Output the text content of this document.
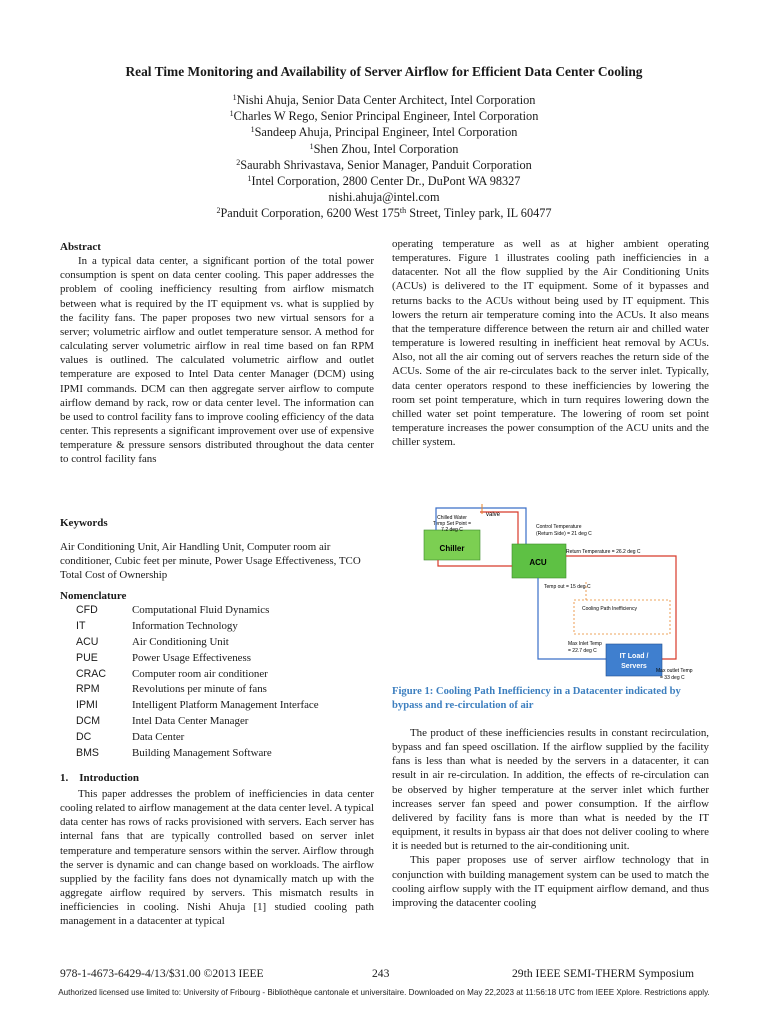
Real Time Monitoring and Availability of Server Airflow for Efficient Data Center Cooling
$^1$Nishi Ahuja, Senior Data Center Architect, Intel Corporation
$^1$Charles W Rego, Senior Principal Engineer, Intel Corporation
$^1$Sandeep Ahuja, Principal Engineer, Intel Corporation
$^1$Shen Zhou, Intel Corporation
$^2$Saurabh Shrivastava, Senior Manager, Panduit Corporation
$^1$Intel Corporation, 2800 Center Dr., DuPont WA 98327
nishi.ahuja@intel.com
$^2$Panduit Corporation, 6200 West 175th Street, Tinley park, IL 60477

Abstract

In a typical data center, a significant portion of the total power consumption is spent on data center cooling. This paper addresses the problem of cooling inefficiency resulting from airflow mismatch between what is required by the IT equipment vs. what is supplied by the facility fans. The paper proposes two new virtual sensors for a server; volumetric airflow and outlet temperature sensor. A method for calculating server volumetric airflow in real time based on fan RPM values is outlined. The calculated volumetric airflow and outlet temperature are exposed to Intel Data center Manager (DCM) using IPMI commands. DCM can then aggregate server airflow to compute airflow demand by rack, row or data center level. The information can be used to control facility fans to improve cooling efficiency of the data center. This represents a significant improvement over use of expensive temperature & pressure sensors distributed throughout the data center to control facility fans

Keywords
Air Conditioning Unit, Air Handling Unit, Computer room air conditioner, Cubic feet per minute, Power Usage Effectiveness, TCO Total Cost of Ownership
Nomenclature
CFD	Computational Fluid Dynamics
IT	Information Technology
ACU	Air Conditioning Unit
PUE	Power Usage Effectiveness
CRAC	Computer room air conditioner
RPM	Revolutions per minute of fans
IPMI	Intelligent Platform Management Interface
DCM	Intel Data Center Manager
DC	Data Center
BMS	Building Management Software
1.    Introduction
This paper addresses the problem of inefficiencies in data center cooling related to airflow management at the data center level. A typical data center has rows of racks provisioned with servers. Each server has internal fans that are typically controlled based on server inlet temperature and temperature sensors within the server. Airflow through the server is dynamic and can change based on workloads. The airflow supplied by the facility fans does not dynamically match up with the aggregate airflow required by servers. This mismatch results in inefficiencies in cooling. Nishi Ahuja [1] studied cooling path management in a datacenter at typical

operating temperature as well as at higher ambient operating temperatures. Figure 1 illustrates cooling path inefficiencies in a datacenter. Not all the flow supplied by the Air Conditioning Units (ACUs) is delivered to the IT equipment. Some of it bypasses and returns backs to the ACUs without being used by IT equipment. This lowers the return air temperature coming into the ACUs. It also means that the temperature difference between the return air and chilled water temperature is lowered resulting in inefficient heat removal by ACUs. Also, not all the air coming out of servers reaches the return side of the ACUs. Some of the air re-circulates back to the server inlet. Typically, data center operators respond to these inefficiencies by lowering the room set point temperature, which in turn requires lowering down the chilled water set point temperature. The lowering of room set point temperature increases the power consumption of the ACU units and the chiller system.

Chilled Water
Temp Set Point =
7.2 deg C
Chiller
valve
ACU
Control Temperature
(Return Side) = 21 deg C
Return Temperature = 26.2 deg C
Temp out = 15 deg C
Cooling Path Inefficiency
IT Load /
Servers
Max Inlet Temp
= 22.7 deg C
Max outlet Temp
= 33 deg C
Figure 1: Cooling Path Inefficiency in a Datacenter indicated by bypass and re-circulation of air

The product of these inefficiencies results in constant recirculation, bypass and fan speed oscillation. If the airflow supplied by the facility fans is less than what is needed by the servers in a datacenter, it can result in air re-circulation. In addition, the effects of re-circulation can be observed by higher temperature at the server inlet which further increases server fan speed and power consumption. If the airflow delivered by facility fans is more than what is needed by the IT equipment, it results in bypass air that does not deliver cooling to where it is needed but is returned to the air-conditioning unit.

This paper proposes use of server airflow technology that in conjunction with building management system can be used to match the cooling airflow supply with the IT equipment airflow demand, and thus improving the datacenter cooling

978-1-4673-6429-4/13/$31.00 ©2013 IEEE	243	29th IEEE SEMI-THERM Symposium
Authorized licensed use limited to: University of Fribourg - Bibliothèque cantonale et universitaire. Downloaded on May 22,2023 at 11:56:18 UTC from IEEE Xplore. Restrictions apply.
